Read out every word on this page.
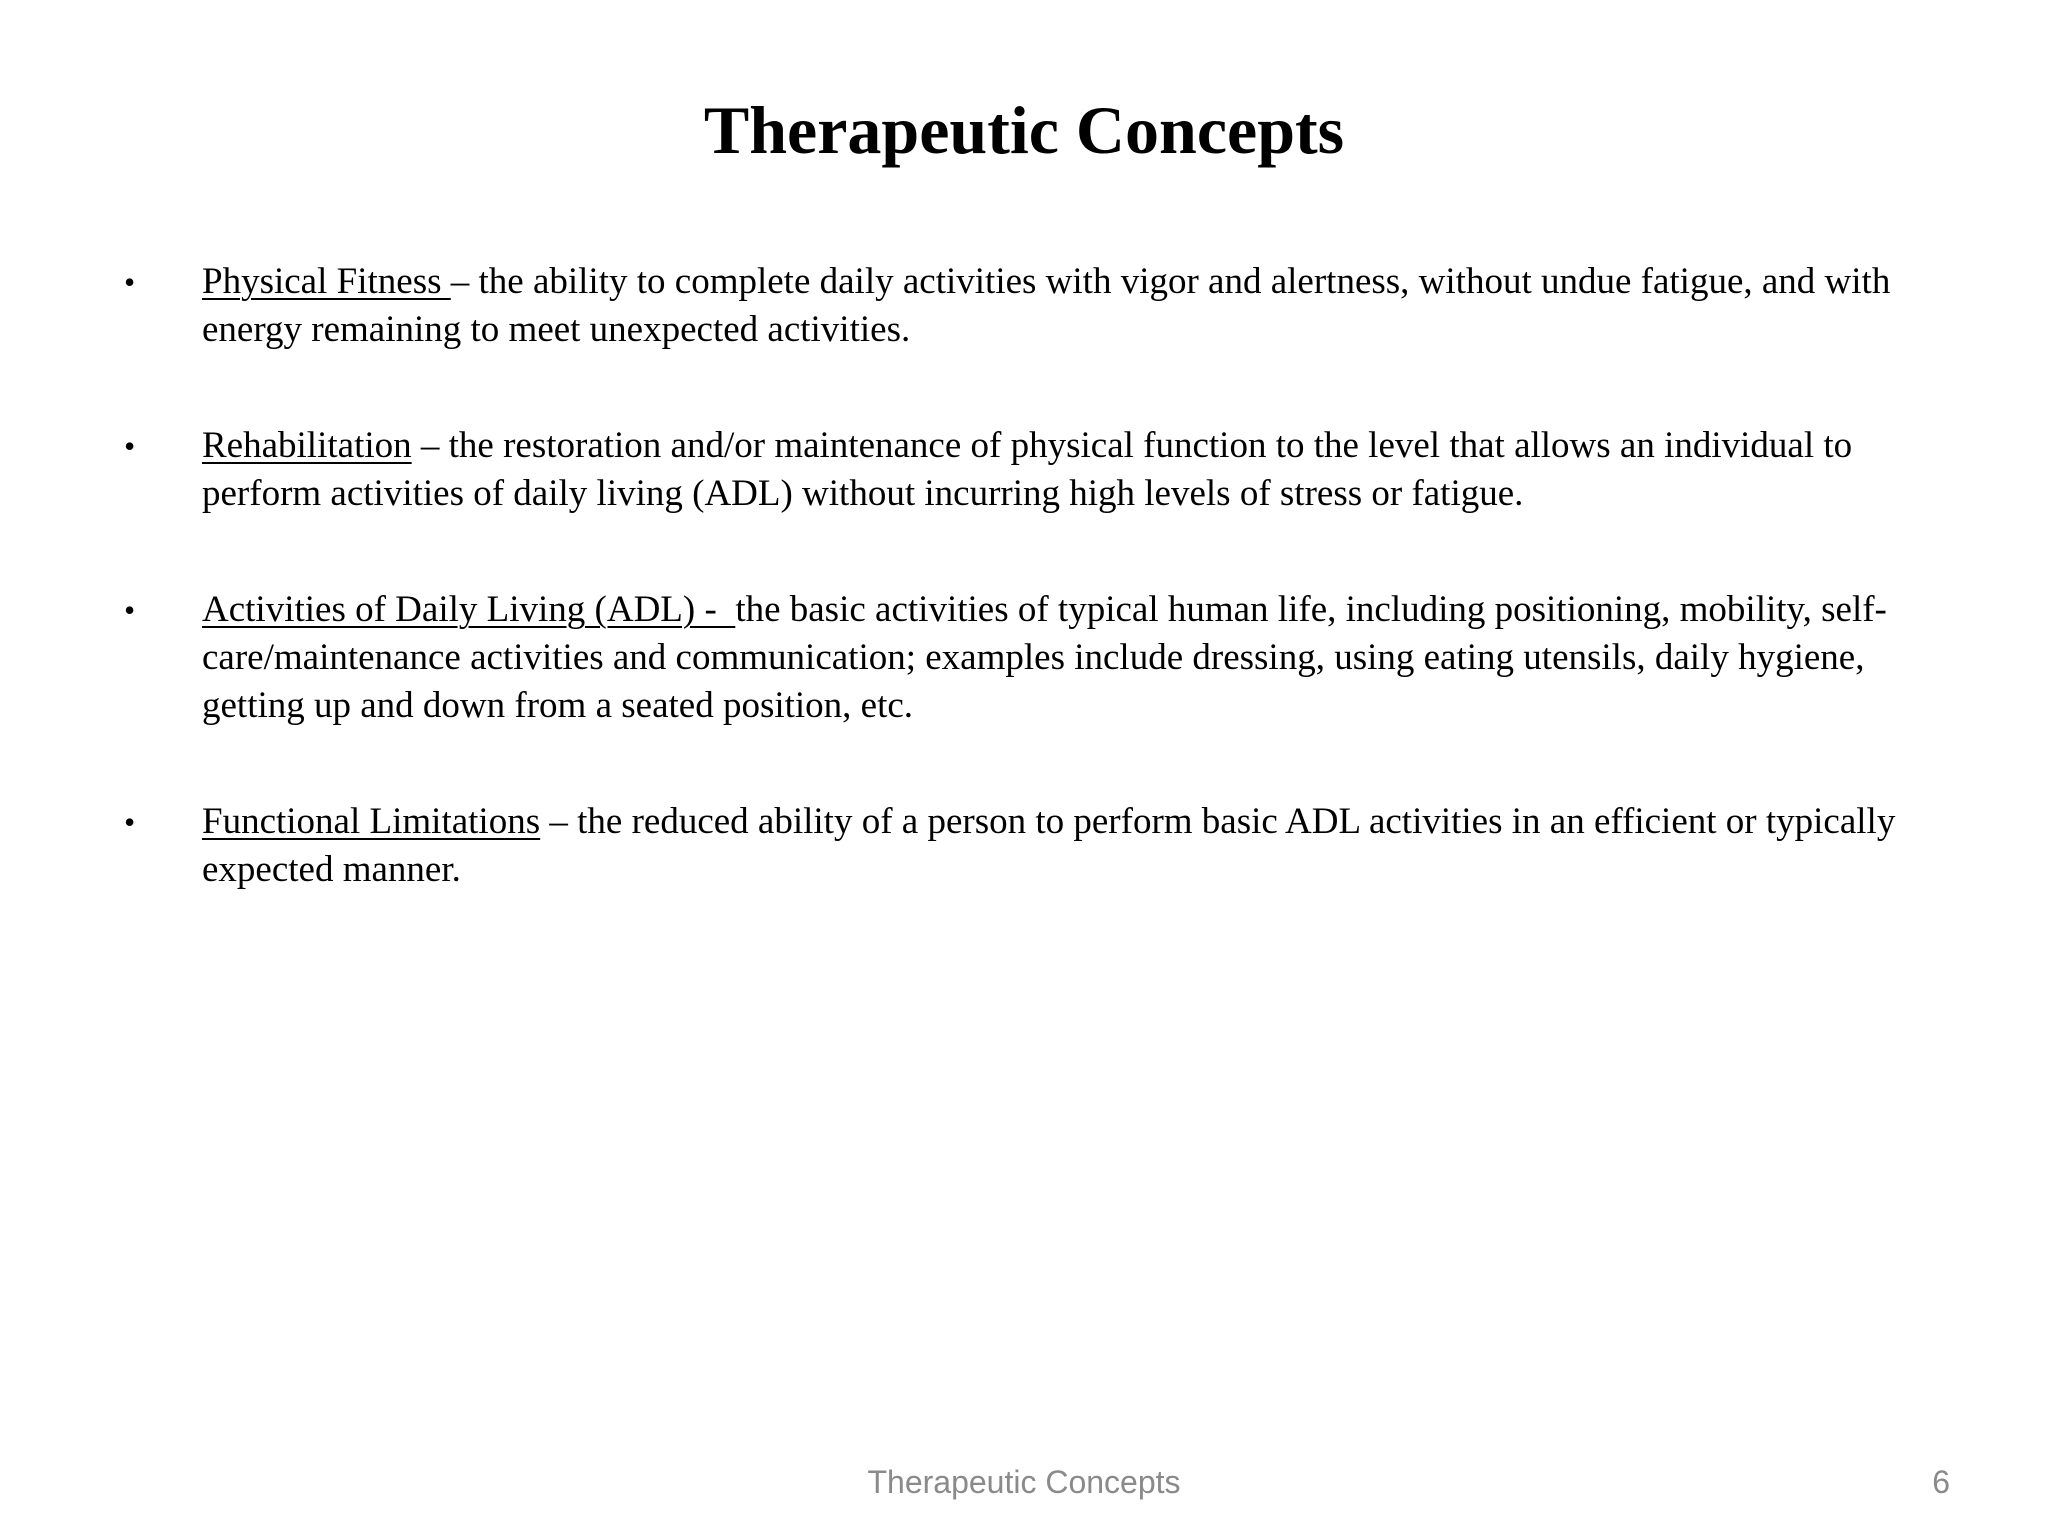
Therapeutic Concepts
• Physical Fitness – the ability to complete daily activities with vigor and alertness, without undue fatigue, and with energy remaining to meet unexpected activities.
• Rehabilitation – the restoration and/or maintenance of physical function to the level that allows an individual to perform activities of daily living (ADL) without incurring high levels of stress or fatigue.
• Activities of Daily Living (ADL) -  the basic activities of typical human life, including positioning, mobility, self-care/maintenance activities and communication; examples include dressing, using eating utensils, daily hygiene, getting up and down from a seated position, etc.
• Functional Limitations – the reduced ability of a person to perform basic ADL activities in an efficient or typically expected manner.
Therapeutic Concepts	6
